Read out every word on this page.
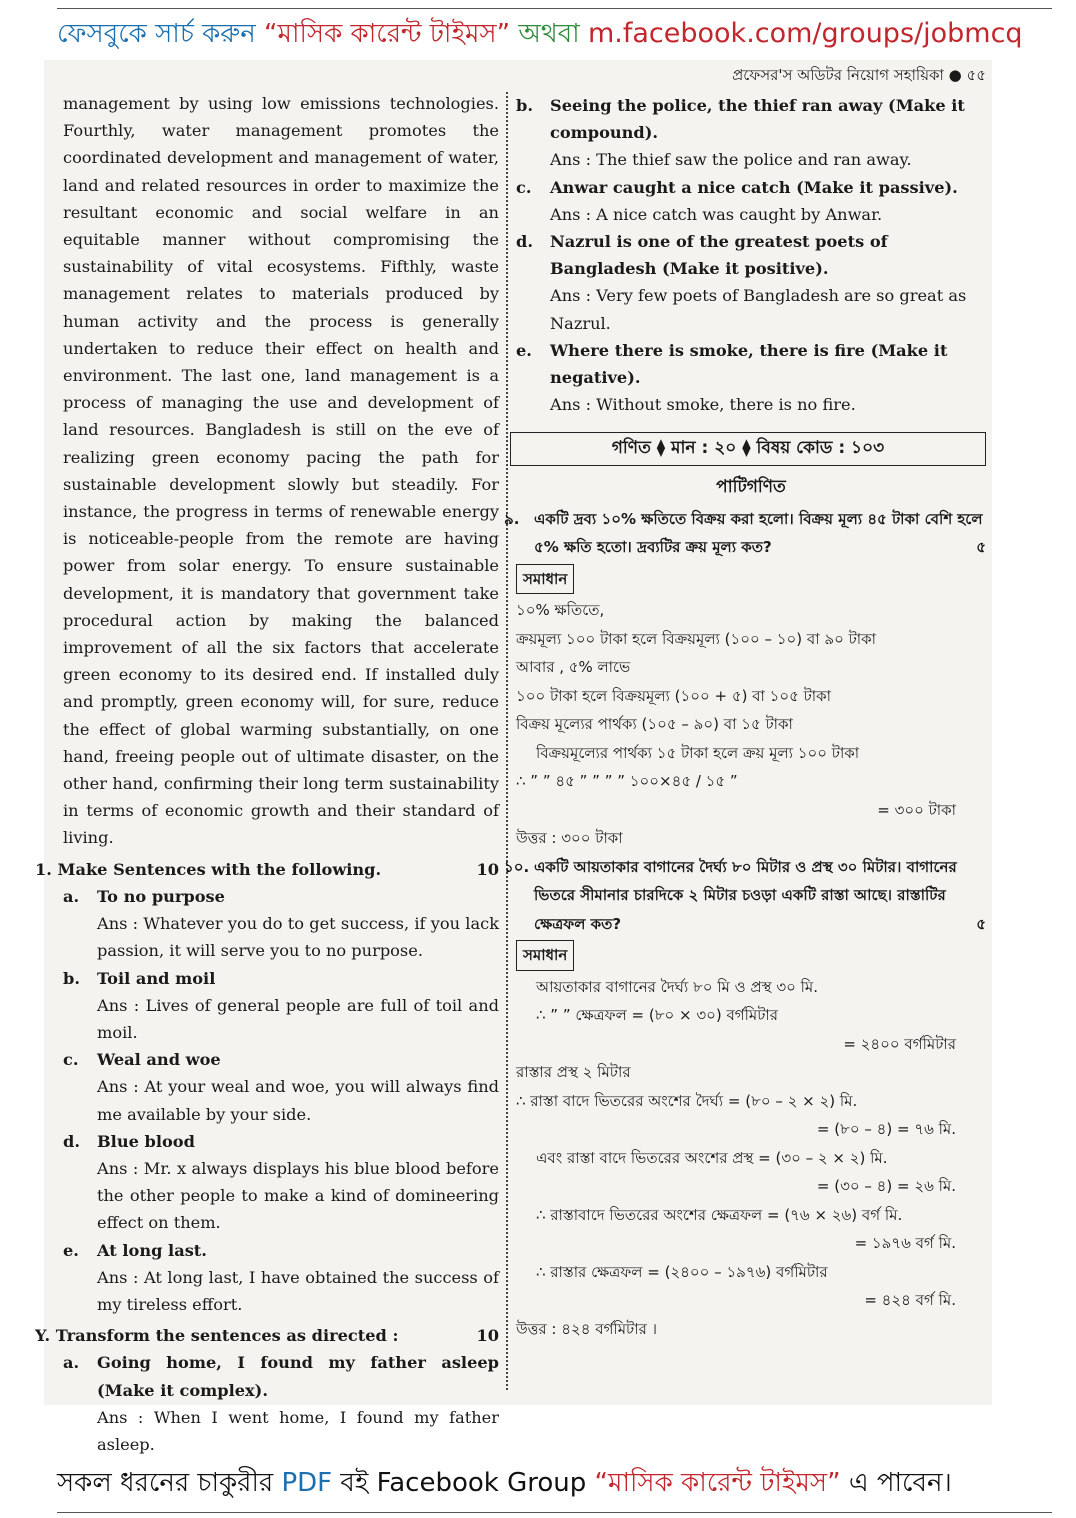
ফেসবুকে সার্চ করুন “মাসিক কারেন্ট টাইমস” অথবা m.facebook.com/groups/jobmcq
প্রফেসর'স অডিটর নিয়োগ সহায়িকা ● ৫৫
management by using low emissions technologies. Fourthly, water management promotes the coordinated development and management of water, land and related resources in order to maximize the resultant economic and social welfare in an equitable manner without compromising the sustainability of vital ecosystems. Fifthly, waste management relates to materials produced by human activity and the process is generally undertaken to reduce their effect on health and environment. The last one, land management is a process of managing the use and development of land resources. Bangladesh is still on the eve of realizing green economy pacing the path for sustainable development slowly but steadily. For instance, the progress in terms of renewable energy is noticeable-people from the remote are having power from solar energy. To ensure sustainable development, it is mandatory that government take procedural action by making the balanced improvement of all the six factors that accelerate green economy to its desired end. If installed duly and promptly, green economy will, for sure, reduce the effect of global warming substantially, on one hand, freeing people out of ultimate disaster, on the other hand, confirming their long term sustainability in terms of economic growth and their standard of living.
1. Make Sentences with the following.	10
a.	To no purpose
Ans : Whatever you do to get success, if you lack passion, it will serve you to no purpose.
b.	Toil and moil
Ans : Lives of general people are full of toil and moil.
c.	Weal and woe
Ans : At your weal and woe, you will always find me available by your side.
d.	Blue blood
Ans : Mr. x always displays his blue blood before the other people to make a kind of domineering effect on them.
e.	At long last.
Ans : At long last, I have obtained the success of my tireless effort.
Y. Transform the sentences as directed :	10
a.	Going home, I found my father asleep (Make it complex).
Ans : When I went home, I found my father asleep.
b.	Seeing the police, the thief ran away (Make it compound).
Ans : The thief saw the police and ran away.
c.	Anwar caught a nice catch (Make it passive).
Ans : A nice catch was caught by Anwar.
d.	Nazrul is one of the greatest poets of Bangladesh (Make it positive).
Ans : Very few poets of Bangladesh are so great as Nazrul.
e.	Where there is smoke, there is fire (Make it negative).
Ans : Without smoke, there is no fire.
গণিত ⧫ মান : ২০ ⧫ বিষয় কোড : ১০৩
পাটিগণিত
৯. একটি দ্রব্য ১০% ক্ষতিতে বিক্রয় করা হলো। বিক্রয় মূল্য ৪৫ টাকা বেশি হলে ৫% ক্ষতি হতো। দ্রব্যটির ক্রয় মূল্য কত?	৫
সমাধান
১০% ক্ষতিতে,
ক্রয়মূল্য ১০০ টাকা হলে বিক্রয়মূল্য (১০০ – ১০) বা ৯০ টাকা
আবার , ৫% লাভে
১০০ টাকা হলে বিক্রয়মূল্য (১০০ + ৫) বা ১০৫ টাকা
বিক্রয় মূল্যের পার্থক্য (১০৫ – ৯০) বা ১৫ টাকা
বিক্রয়মূল্যের পার্থক্য ১৫ টাকা হলে ক্রয় মূল্য ১০০ টাকা
∴ ” ” ৪৫ ” ” ” ” ১০০×৪৫ / ১৫ ”
= ৩০০ টাকা
উত্তর : ৩০০ টাকা
১০. একটি আয়তাকার বাগানের দৈর্ঘ্য ৮০ মিটার ও প্রস্থ ৩০ মিটার। বাগানের ভিতরে সীমানার চারদিকে ২ মিটার চওড়া একটি রাস্তা আছে। রাস্তাটির ক্ষেত্রফল কত?	৫
সমাধান
আয়তাকার বাগানের দৈর্ঘ্য ৮০ মি ও প্রস্থ ৩০ মি.
∴ ” ” ক্ষেত্রফল = (৮০ × ৩০) বর্গমিটার
= ২৪০০ বর্গমিটার
রাস্তার প্রস্থ ২ মিটার
∴ রাস্তা বাদে ভিতরের অংশের দৈর্ঘ্য = (৮০ – ২ × ২) মি.
= (৮০ – ৪) = ৭৬ মি.
এবং রাস্তা বাদে ভিতরের অংশের প্রস্থ = (৩০ – ২ × ২) মি.
= (৩০ – ৪) = ২৬ মি.
∴ রাস্তাবাদে ভিতরের অংশের ক্ষেত্রফল = (৭৬ × ২৬) বর্গ মি.
= ১৯৭৬ বর্গ মি.
∴ রাস্তার ক্ষেত্রফল = (২৪০০ – ১৯৭৬) বর্গমিটার
= ৪২৪ বর্গ মি.
উত্তর : ৪২৪ বর্গমিটার ।
সকল ধরনের চাকুরীর PDF বই Facebook Group “মাসিক কারেন্ট টাইমস” এ পাবেন।
